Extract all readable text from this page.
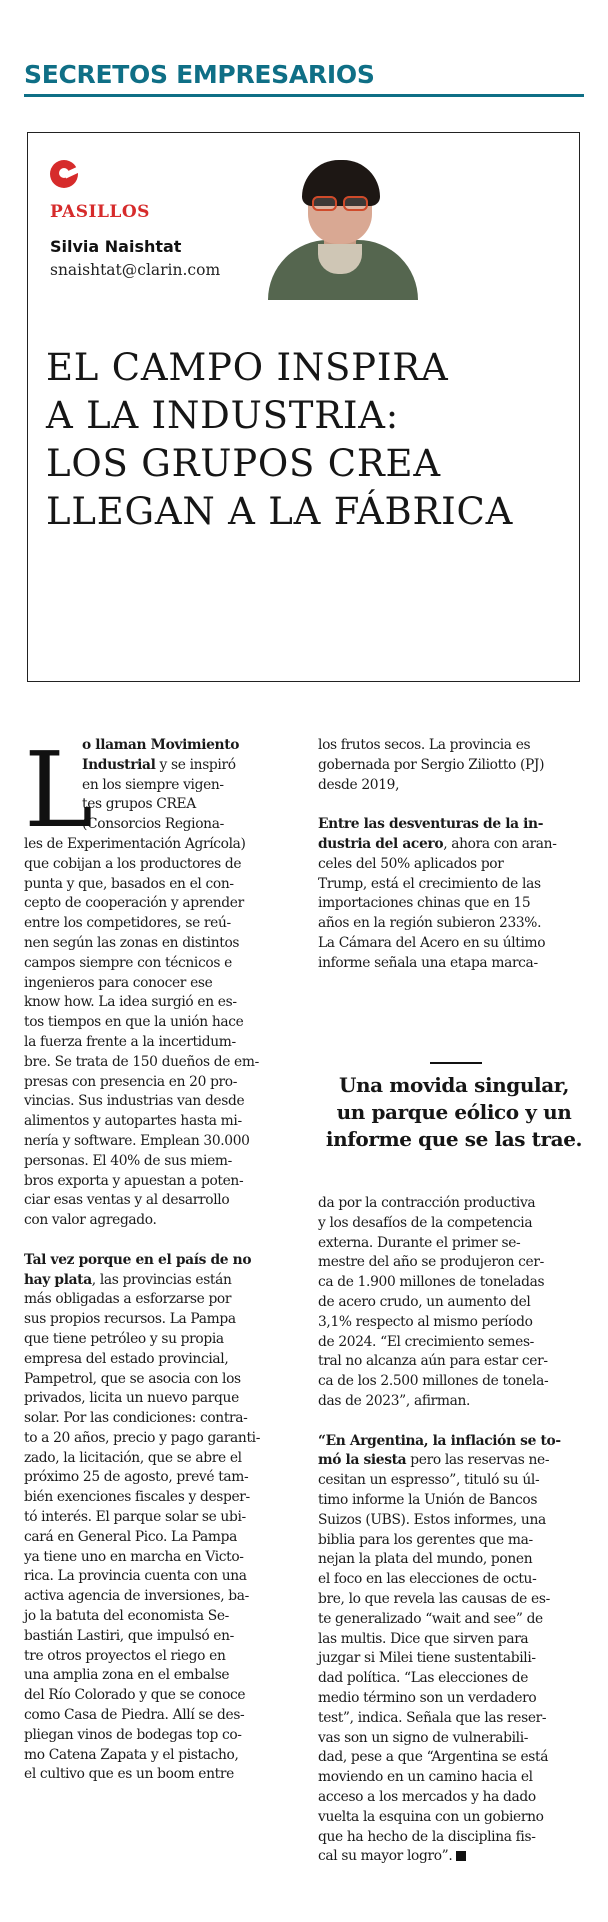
SECRETOS EMPRESARIOS
PASILLOS
Silvia Naishtat
snaishtat@clarin.com
EL CAMPO INSPIRA
A LA INDUSTRIA:
LOS GRUPOS CREA
LLEGAN A LA FÁBRICA
L
o llaman Movimiento
Industrial y se inspiró
en los siempre vigen-
tes grupos CREA
(Consorcios Regiona-
les de Experimentación Agrícola)
que cobijan a los productores de
punta y que, basados en el con-
cepto de cooperación y aprender
entre los competidores, se reú-
nen según las zonas en distintos
campos siempre con técnicos e
ingenieros para conocer ese
know how. La idea surgió en es-
tos tiempos en que la unión hace
la fuerza frente a la incertidum-
bre. Se trata de 150 dueños de em-
presas con presencia en 20 pro-
vincias. Sus industrias van desde
alimentos y autopartes hasta mi-
nería y software. Emplean 30.000
personas. El 40% de sus miem-
bros exporta y apuestan a poten-
ciar esas ventas y al desarrollo
con valor agregado.
Tal vez porque en el país de no
hay plata, las provincias están
más obligadas a esforzarse por
sus propios recursos. La Pampa
que tiene petróleo y su propia
empresa del estado provincial,
Pampetrol, que se asocia con los
privados, licita un nuevo parque
solar. Por las condiciones: contra-
to a 20 años, precio y pago garanti-
zado, la licitación, que se abre el
próximo 25 de agosto, prevé tam-
bién exenciones fiscales y desper-
tó interés. El parque solar se ubi-
cará en General Pico. La Pampa
ya tiene uno en marcha en Victo-
rica. La provincia cuenta con una
activa agencia de inversiones, ba-
jo la batuta del economista Se-
bastián Lastiri, que impulsó en-
tre otros proyectos el riego en
una amplia zona en el embalse
del Río Colorado y que se conoce
como Casa de Piedra. Allí se des-
pliegan vinos de bodegas top co-
mo Catena Zapata y el pistacho,
el cultivo que es un boom entre
los frutos secos. La provincia es
gobernada por Sergio Ziliotto (PJ)
desde 2019,
Entre las desventuras de la in-
dustria del acero, ahora con aran-
celes del 50% aplicados por
Trump, está el crecimiento de las
importaciones chinas que en 15
años en la región subieron 233%.
La Cámara del Acero en su último
informe señala una etapa marca-
Una movida singular,
un parque eólico y un
informe que se las trae.
da por la contracción productiva
y los desafíos de la competencia
externa. Durante el primer se-
mestre del año se produjeron cer-
ca de 1.900 millones de toneladas
de acero crudo, un aumento del
3,1% respecto al mismo período
de 2024. “El crecimiento semes-
tral no alcanza aún para estar cer-
ca de los 2.500 millones de tonela-
das de 2023”, afirman.
“En Argentina, la inflación se to-
mó la siesta pero las reservas ne-
cesitan un espresso”, tituló su úl-
timo informe la Unión de Bancos
Suizos (UBS). Estos informes, una
biblia para los gerentes que ma-
nejan la plata del mundo, ponen
el foco en las elecciones de octu-
bre, lo que revela las causas de es-
te generalizado “wait and see” de
las multis. Dice que sirven para
juzgar si Milei tiene sustentabili-
dad política. “Las elecciones de
medio término son un verdadero
test”, indica. Señala que las reser-
vas son un signo de vulnerabili-
dad, pese a que “Argentina se está
moviendo en un camino hacia el
acceso a los mercados y ha dado
vuelta la esquina con un gobierno
que ha hecho de la disciplina fis-
cal su mayor logro”.
